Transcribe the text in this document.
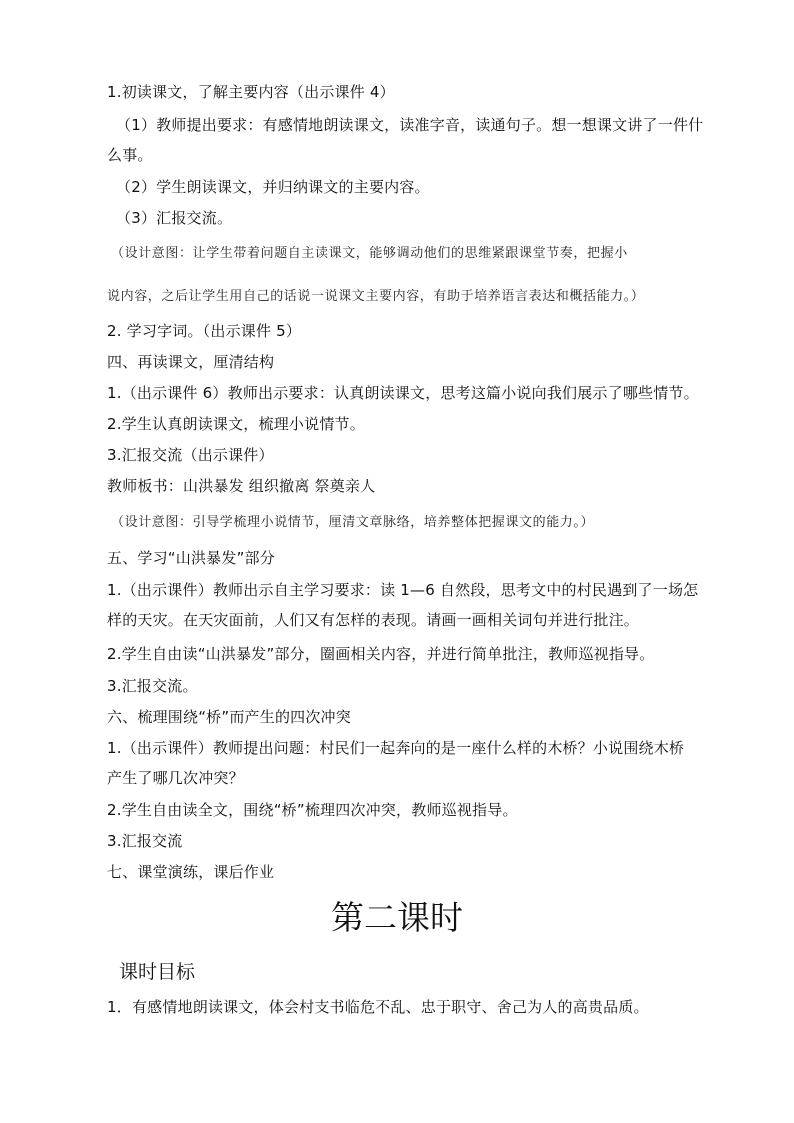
1.初读课文，了解主要内容（出示课件 4）
（1）教师提出要求：有感情地朗读课文，读准字音，读通句子。想一想课文讲了一件什
么事。
（2）学生朗读课文，并归纳课文的主要内容。
（3）汇报交流。
（设计意图：让学生带着问题自主读课文，能够调动他们的思维紧跟课堂节奏，把握小
说内容，之后让学生用自己的话说一说课文主要内容，有助于培养语言表达和概括能力。）
2. 学习字词。（出示课件 5）
四、再读课文，厘清结构
1.（出示课件 6）教师出示要求：认真朗读课文，思考这篇小说向我们展示了哪些情节。
2.学生认真朗读课文，梳理小说情节。
3.汇报交流（出示课件）
教师板书：山洪暴发 组织撤离 祭奠亲人
（设计意图：引导学梳理小说情节，厘清文章脉络，培养整体把握课文的能力。）
五、学习“山洪暴发”部分
1.（出示课件）教师出示自主学习要求：读 1—6 自然段，思考文中的村民遇到了一场怎
样的天灾。在天灾面前，人们又有怎样的表现。请画一画相关词句并进行批注。
2.学生自由读“山洪暴发”部分，圈画相关内容，并进行简单批注，教师巡视指导。
3.汇报交流。
六、梳理围绕“桥”而产生的四次冲突
1.（出示课件）教师提出问题：村民们一起奔向的是一座什么样的木桥？小说围绕木桥
产生了哪几次冲突？
2.学生自由读全文，围绕“桥”梳理四次冲突，教师巡视指导。
3.汇报交流
七、课堂演练，课后作业
第二课时
课时目标
1．有感情地朗读课文，体会村支书临危不乱、忠于职守、舍己为人的高贵品质。
